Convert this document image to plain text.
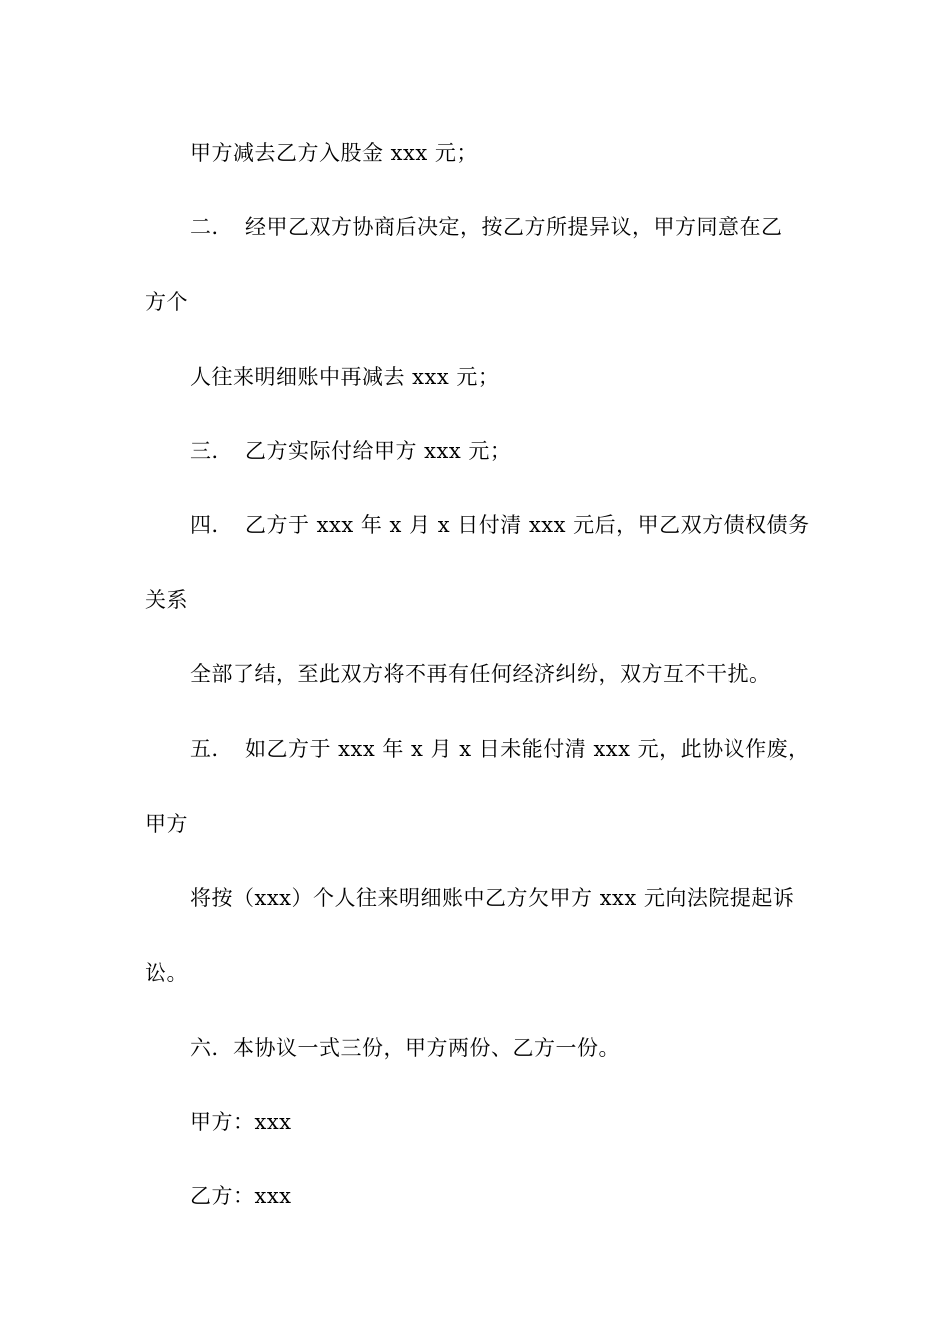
甲方减去乙方入股金 xxx 元；
二． 经甲乙双方协商后决定，按乙方所提异议，甲方同意在乙
方个
人往来明细账中再减去 xxx 元；
三． 乙方实际付给甲方 xxx 元；
四． 乙方于 xxx 年 x 月 x 日付清 xxx 元后，甲乙双方债权债务
关系
全部了结，至此双方将不再有任何经济纠纷，双方互不干扰。
五． 如乙方于 xxx 年 x 月 x 日未能付清 xxx 元，此协议作废，
甲方
将按（xxx）个人往来明细账中乙方欠甲方 xxx 元向法院提起诉
讼。
六．本协议一式三份，甲方两份、乙方一份。
甲方：xxx
乙方：xxx
